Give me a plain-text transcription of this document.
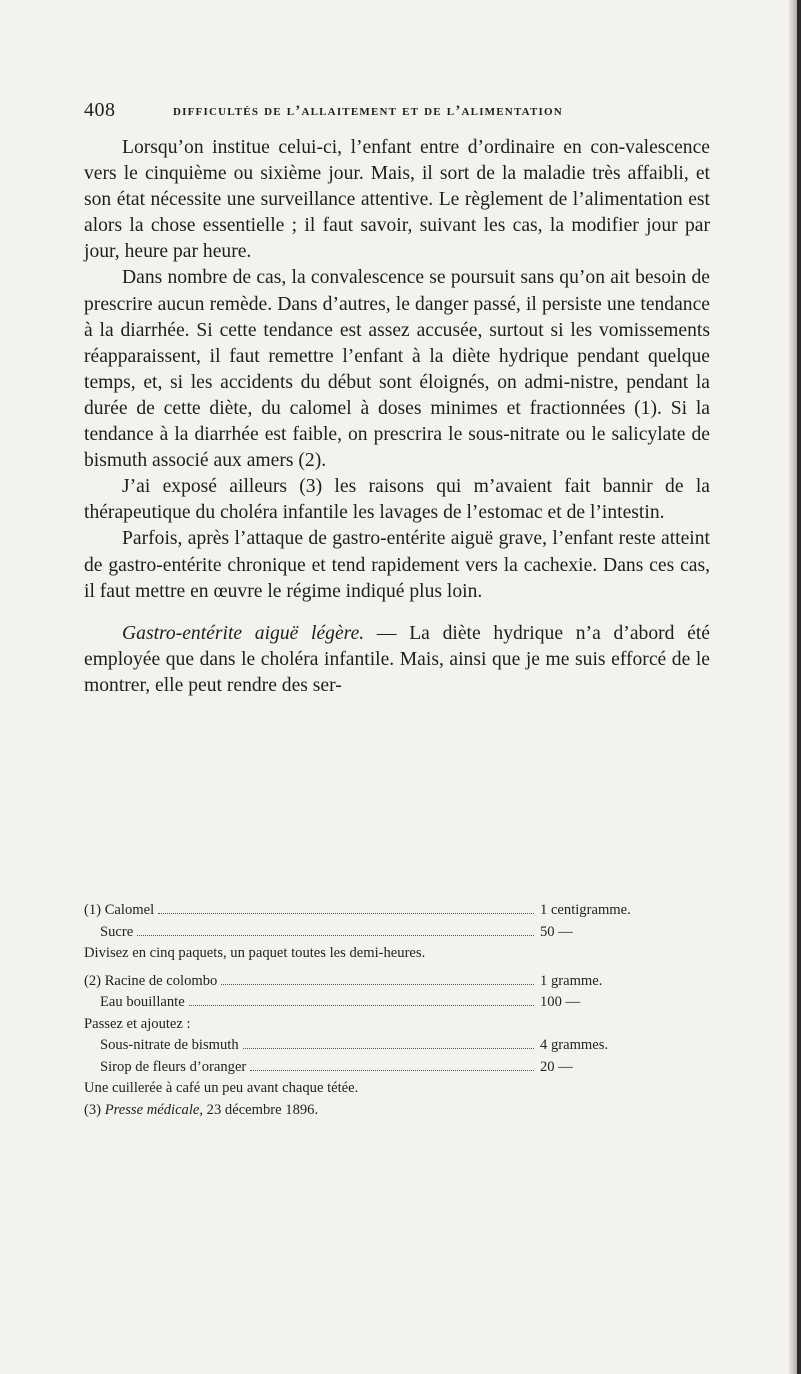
408	difficultés de l’allaitement et de l’alimentation

Lorsqu’on institue celui-ci, l’enfant entre d’ordinaire en con-valescence vers le cinquième ou sixième jour. Mais, il sort de la maladie très affaibli, et son état nécessite une surveillance attentive. Le règlement de l’alimentation est alors la chose essentielle ; il faut savoir, suivant les cas, la modifier jour par jour, heure par heure.

Dans nombre de cas, la convalescence se poursuit sans qu’on ait besoin de prescrire aucun remède. Dans d’autres, le danger passé, il persiste une tendance à la diarrhée. Si cette tendance est assez accusée, surtout si les vomissements réapparaissent, il faut remettre l’enfant à la diète hydrique pendant quelque temps, et, si les accidents du début sont éloignés, on admi-nistre, pendant la durée de cette diète, du calomel à doses minimes et fractionnées (1). Si la tendance à la diarrhée est faible, on prescrira le sous-nitrate ou le salicylate de bismuth associé aux amers (2).

J’ai exposé ailleurs (3) les raisons qui m’avaient fait bannir de la thérapeutique du choléra infantile les lavages de l’estomac et de l’intestin.

Parfois, après l’attaque de gastro-entérite aiguë grave, l’enfant reste atteint de gastro-entérite chronique et tend rapidement vers la cachexie. Dans ces cas, il faut mettre en œuvre le régime indiqué plus loin.

Gastro-entérite aiguë légère. — La diète hydrique n’a d’abord été employée que dans le choléra infantile. Mais, ainsi que je me suis efforcé de le montrer, elle peut rendre des ser-

(1)
Calomel	1 centigramme.
Sucre	50 —
Divisez en cinq paquets, un paquet toutes les demi-heures.
(2)
Racine de colombo	1 gramme.
Eau bouillante	100 —
Passez et ajoutez :
Sous-nitrate de bismuth	4 grammes.
Sirop de fleurs d’oranger	20 —
Une cuillerée à café un peu avant chaque tétée.
(3) Presse médicale, 23 décembre 1896.
